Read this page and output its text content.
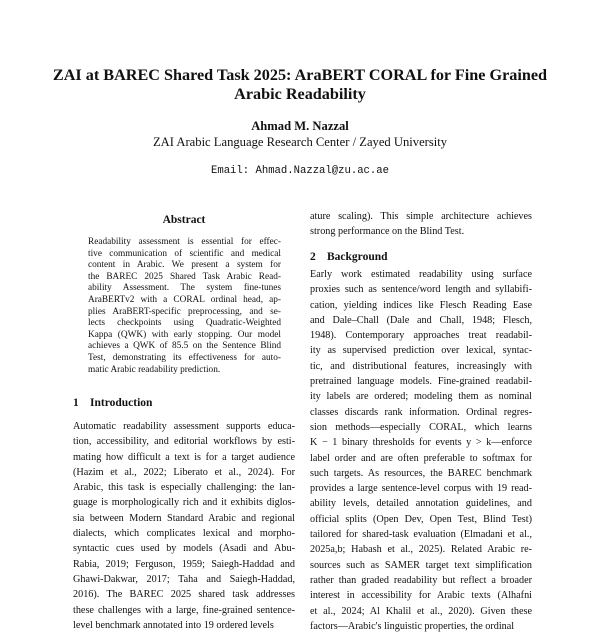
ZAI at BAREC Shared Task 2025: AraBERT CORAL for Fine Grained
Arabic Readability
Ahmad M. Nazzal
ZAI Arabic Language Research Center / Zayed University
Email: Ahmad.Nazzal@zu.ac.ae
Abstract
Readability assessment is essential for effec-
tive communication of scientific and medical
content in Arabic. We present a system for
the BAREC 2025 Shared Task Arabic Read-
ability Assessment. The system fine-tunes
AraBERTv2 with a CORAL ordinal head, ap-
plies AraBERT-specific preprocessing, and se-
lects checkpoints using Quadratic-Weighted
Kappa (QWK) with early stopping. Our model
achieves a QWK of 85.5 on the Sentence Blind
Test, demonstrating its effectiveness for auto-
matic Arabic readability prediction.
1 Introduction
Automatic readability assessment supports educa-
tion, accessibility, and editorial workflows by esti-
mating how difficult a text is for a target audience
(Hazim et al., 2022; Liberato et al., 2024). For
Arabic, this task is especially challenging: the lan-
guage is morphologically rich and it exhibits diglos-
sia between Modern Standard Arabic and regional
dialects, which complicates lexical and morpho-
syntactic cues used by models (Asadi and Abu-
Rabia, 2019; Ferguson, 1959; Saiegh-Haddad and
Ghawi-Dakwar, 2017; Taha and Saiegh-Haddad,
2016). The BAREC 2025 shared task addresses
these challenges with a large, fine-grained sentence-
level benchmark annotated into 19 ordered levels
ature scaling). This simple architecture achieves
strong performance on the Blind Test.
2 Background
Early work estimated readability using surface
proxies such as sentence/word length and syllabifi-
cation, yielding indices like Flesch Reading Ease
and Dale–Chall (Dale and Chall, 1948; Flesch,
1948). Contemporary approaches treat readabil-
ity as supervised prediction over lexical, syntac-
tic, and distributional features, increasingly with
pretrained language models. Fine-grained readabil-
ity labels are ordered; modeling them as nominal
classes discards rank information. Ordinal regres-
sion methods—especially CORAL, which learns
K − 1 binary thresholds for events y > k—enforce
label order and are often preferable to softmax for
such targets. As resources, the BAREC benchmark
provides a large sentence-level corpus with 19 read-
ability levels, detailed annotation guidelines, and
official splits (Open Dev, Open Test, Blind Test)
tailored for shared-task evaluation (Elmadani et al.,
2025a,b; Habash et al., 2025). Related Arabic re-
sources such as SAMER target text simplification
rather than graded readability but reflect a broader
interest in accessibility for Arabic texts (Alhafni
et al., 2024; Al Khalil et al., 2020). Given these
factors—Arabic's linguistic properties, the ordinal
